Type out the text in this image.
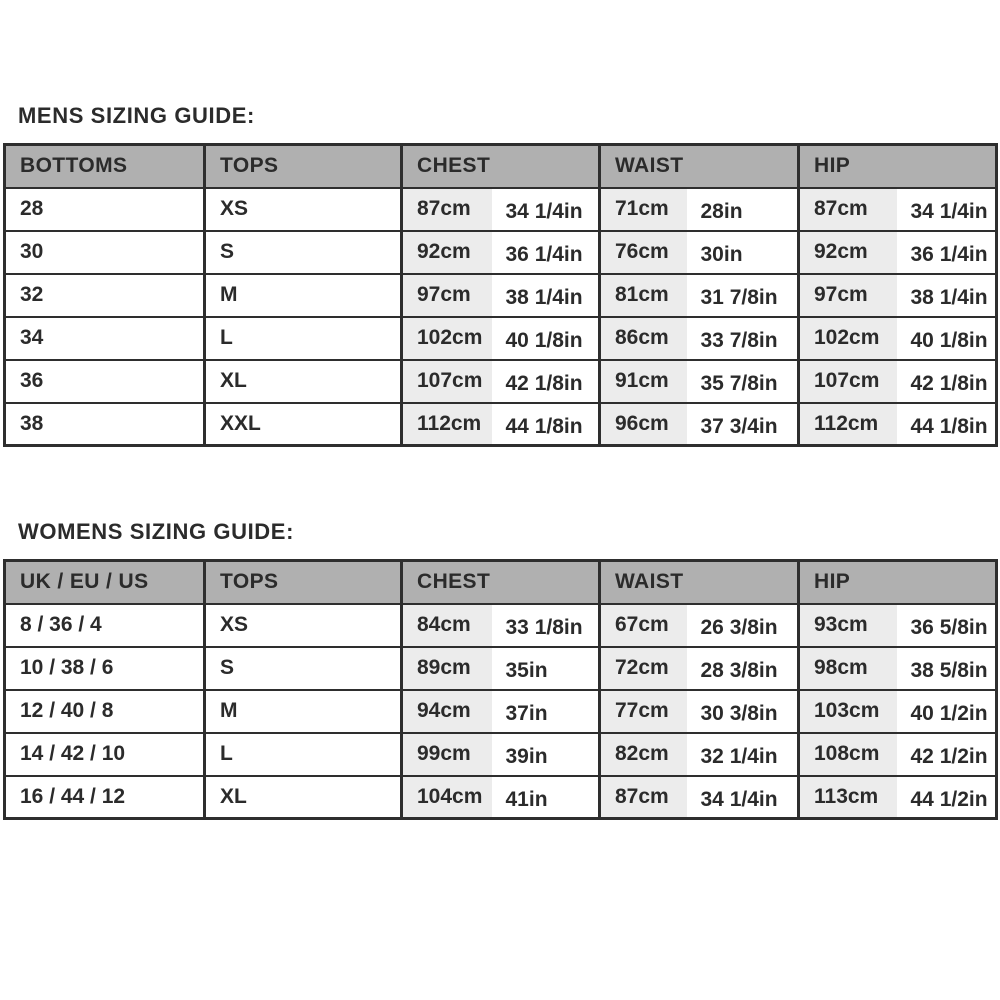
MENS SIZING GUIDE:
BOTTOMS	TOPS	CHEST		WAIST		HIP	
28	XS	87cm	34 1/4in	71cm	28in	87cm	34 1/4in
30	S	92cm	36 1/4in	76cm	30in	92cm	36 1/4in
32	M	97cm	38 1/4in	81cm	31 7/8in	97cm	38 1/4in
34	L	102cm	40 1/8in	86cm	33 7/8in	102cm	40 1/8in
36	XL	107cm	42 1/8in	91cm	35 7/8in	107cm	42 1/8in
38	XXL	112cm	44 1/8in	96cm	37 3/4in	112cm	44 1/8in
WOMENS SIZING GUIDE:
UK / EU / US	TOPS	CHEST		WAIST		HIP	
8 / 36 / 4	XS	84cm	33 1/8in	67cm	26 3/8in	93cm	36 5/8in
10 / 38 / 6	S	89cm	35in	72cm	28 3/8in	98cm	38 5/8in
12 / 40 / 8	M	94cm	37in	77cm	30 3/8in	103cm	40 1/2in
14 / 42 / 10	L	99cm	39in	82cm	32 1/4in	108cm	42 1/2in
16 / 44 / 12	XL	104cm	41in	87cm	34 1/4in	113cm	44 1/2in
